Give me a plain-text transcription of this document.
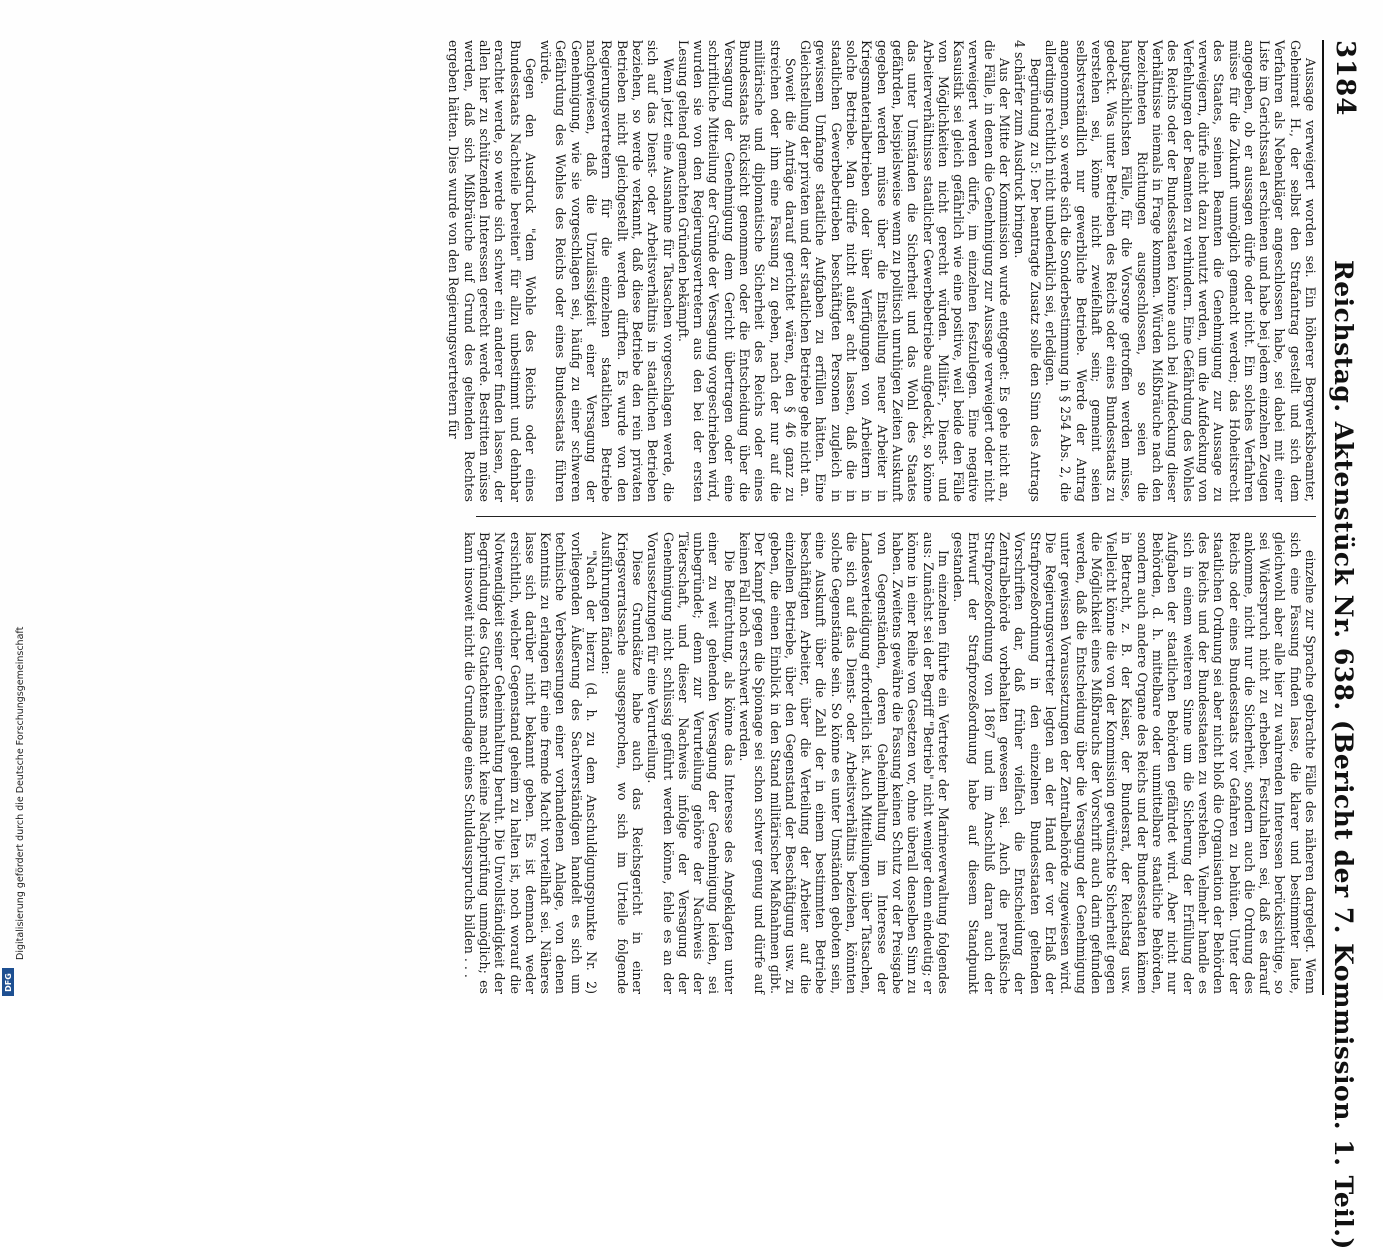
3184
Reichstag. Aktenstück Nr. 638. (Bericht der 7. Kommission. 1. Teil.)

Aussage verweigert worden sei. Ein höherer Bergwerksbeamter, Geheimrat H., der selbst den Strafantrag gestellt und sich dem Verfahren als Nebenkläger angeschlossen habe, sei dabei mit einer Liste im Gerichtssaal erschienen und habe bei jedem einzelnen Zeugen angegeben, ob er aussagen dürfe oder nicht. Ein solches Verfahren müsse für die Zukunft unmöglich gemacht werden; das Hoheitsrecht des Staates, seinen Beamten die Genehmigung zur Aussage zu verweigern, dürfe nicht dazu benutzt werden, um die Aufdeckung von Verfehlungen der Beamten zu verhindern. Eine Gefährdung des Wohles des Reichs oder der Bundesstaaten könne auch bei Aufdeckung dieser Verhältnisse niemals in Frage kommen. Würden Mißbräuche nach den bezeichneten Richtungen ausgeschlossen, so seien die hauptsächlichsten Fälle, für die Vorsorge getroffen werden müsse, gedeckt. Was unter Betrieben des Reichs oder eines Bundesstaats zu verstehen sei, könne nicht zweifelhaft sein; gemeint seien selbstverständlich nur gewerbliche Betriebe. Werde der Antrag angenommen, so werde sich die Sonderbestimmung in § 254 Abs. 2, die allerdings rechtlich nicht unbedenklich sei, erledigen.

Begründung zu 5: Der beantragte Zusatz solle den Sinn des Antrags 4 schärfer zum Ausdruck bringen.

Aus der Mitte der Kommission wurde entgegnet: Es gehe nicht an, die Fälle, in denen die Genehmigung zur Aussage verweigert oder nicht verweigert werden dürfe, im einzelnen festzulegen. Eine negative Kasuistik sei gleich gefährlich wie eine positive, weil beide den Fälle von Möglichkeiten nicht gerecht würden. Militär-, Dienst- und Arbeiterverhältnisse staatlicher Gewerbebetriebe aufgedeckt, so könne das unter Umständen die Sicherheit und das Wohl des Staates gefährden, beispielsweise wenn zu politisch unruhigen Zeiten Auskunft gegeben werden müsse über die Einstellung neuer Arbeiter in Kriegsmaterialbetrieben oder über Verfügungen von Arbeitern in solche Betriebe. Man dürfe nicht außer acht lassen, daß die in staatlichen Gewerbebetrieben beschäftigten Personen zugleich in gewissem Umfange staatliche Aufgaben zu erfüllen hätten. Eine Gleichstellung der privaten und der staatlichen Betriebe gehe nicht an.

Soweit die Anträge darauf gerichtet wären, den § 46 ganz zu streichen oder ihm eine Fassung zu geben, nach der nur auf die militärische und diplomatische Sicherheit des Reichs oder eines Bundesstaats Rücksicht genommen oder die Entscheidung über die Versagung der Genehmigung dem Gericht übertragen oder eine schriftliche Mitteilung der Gründe der Versagung vorgeschrieben wird, wurden sie von den Regierungsvertretern aus den bei der ersten Lesung geltend gemachten Gründen bekämpft.

Wenn jetzt eine Ausnahme für Tatsachen vorgeschlagen werde, die sich auf das Dienst- oder Arbeitsverhältnis in staatlichen Betrieben beziehen, so werde verkannt, daß diese Betriebe den rein privaten Betrieben nicht gleichgestellt werden dürften. Es wurde von den Regierungsvertretern für die einzelnen staatlichen Betriebe nachgewiesen, daß die Unzulässigkeit einer Versagung der Genehmigung, wie sie vorgeschlagen sei, häufig zu einer schweren Gefährdung des Wohles des Reichs oder eines Bundesstaats führen würde.

Gegen den Ausdruck "dem Wohle des Reichs oder eines Bundesstaats Nachteile bereiten" für allzu unbestimmt und dehnbar erachtet werde, so werde sich schwer ein anderer finden lassen, der allen hier zu schützenden Interessen gerecht werde. Bestritten müsse werden, daß sich Mißbräuche auf Grund des geltenden Rechtes ergeben hätten. Dies wurde von den Regierungsvertretern für

einzelne zur Sprache gebrachte Fälle des näheren dargelegt. Wenn sich eine Fassung finden lasse, die klarer und bestimmter laute, gleichwohl aber alle hier zu wahrenden Interessen berücksichtige, so sei Widerspruch nicht zu erheben. Festzuhalten sei, daß es darauf ankomme, nicht nur die Sicherheit, sondern auch die Ordnung des Reichs oder eines Bundesstaats vor Gefahren zu behüten. Unter der staatlichen Ordnung sei aber nicht bloß die Organisation der Behörden des Reichs und der Bundesstaaten zu verstehen. Vielmehr handle es sich in einem weiteren Sinne um die Sicherung der Erfüllung der Aufgaben der staatlichen Behörden gefährdet wird. Aber nicht nur Behörden, d. h. mittelbare oder unmittelbare staatliche Behörden, sondern auch andere Organe des Reichs und der Bundesstaaten kämen in Betracht, z. B. der Kaiser, der Bundesrat, der Reichstag usw. Vielleicht könne die von der Kommission gewünschte Sicherheit gegen die Möglichkeit eines Mißbrauchs der Vorschrift auch darin gefunden werden, daß die Entscheidung über die Versagung der Genehmigung unter gewissen Voraussetzungen der Zentralbehörde zugewiesen wird. Die Regierungsvertreter legten an der Hand der vor Erlaß der Strafprozeßordnung in den einzelnen Bundesstaaten geltenden Vorschriften dar, daß früher vielfach die Entscheidung der Zentralbehörde vorbehalten gewesen sei. Auch die preußische Strafprozeßordnung von 1867 und im Anschluß daran auch der Entwurf der Strafprozeßordnung habe auf diesem Standpunkt gestanden.

Im einzelnen führte ein Vertreter der Marineverwaltung folgendes aus: Zunächst sei der Begriff "Betrieb" nicht weniger denn eindeutig; er könne in einer Reihe von Gesetzen vor, ohne überall denselben Sinn zu haben. Zweitens gewähre die Fassung keinen Schutz vor der Preisgabe von Gegenständen, deren Geheimhaltung im Interesse der Landesverteidigung erforderlich ist. Auch Mitteilungen über Tatsachen, die sich auf das Dienst- oder Arbeitsverhältnis beziehen, könnten solche Gegenstände sein. So könne es unter Umständen geboten sein, eine Auskunft über die Zahl der in einem bestimmten Betriebe beschäftigten Arbeiter, über die Verteilung der Arbeiter auf die einzelnen Betriebe, über den Gegenstand der Beschäftigung usw. zu geben, die einen Einblick in den Stand militärischer Maßnahmen gibt. Der Kampf gegen die Spionage sei schon schwer genug und dürfe auf keinen Fall noch erschwert werden.

Die Befürchtung, als könne das Interesse des Angeklagten unter einer zu weit gehenden Versagung der Genehmigung leiden, sei unbegründet; denn zur Verurteilung gehöre der Nachweis der Täterschaft, und dieser Nachweis infolge der Versagung der Genehmigung nicht schlüssig geführt werden könne, fehle es an der Voraussetzungen für eine Verurteilung.

Diese Grundsätze habe auch das Reichsgericht in einer Kriegsverratssache ausgesprochen, wo sich im Urteile folgende Ausführungen fänden:

"Nach der hierzu (d. h. zu dem Anschuldigungspunkte Nr. 2) vorliegenden Äußerung des Sachverständigen handelt es sich um technische Verbesserungen einer vorhandenen Anlage, von denen Kenntnis zu erlangen für eine fremde Macht vorteilhaft sei. Näheres lasse sich darüber nicht bekannt geben. Es ist demnach weder ersichtlich, welcher Gegenstand geheim zu halten ist, noch worauf die Notwendigkeit seiner Geheimhaltung beruht. Die Unvollständigkeit der Begründung des Gutachtens macht keine Nachprüfung unmöglich; es kann insoweit nicht die Grundlage eines Schuldausspruchs bilden . . .

Digitalisierung gefördert durch die Deutsche Forschungsgemeinschaft
DFG
